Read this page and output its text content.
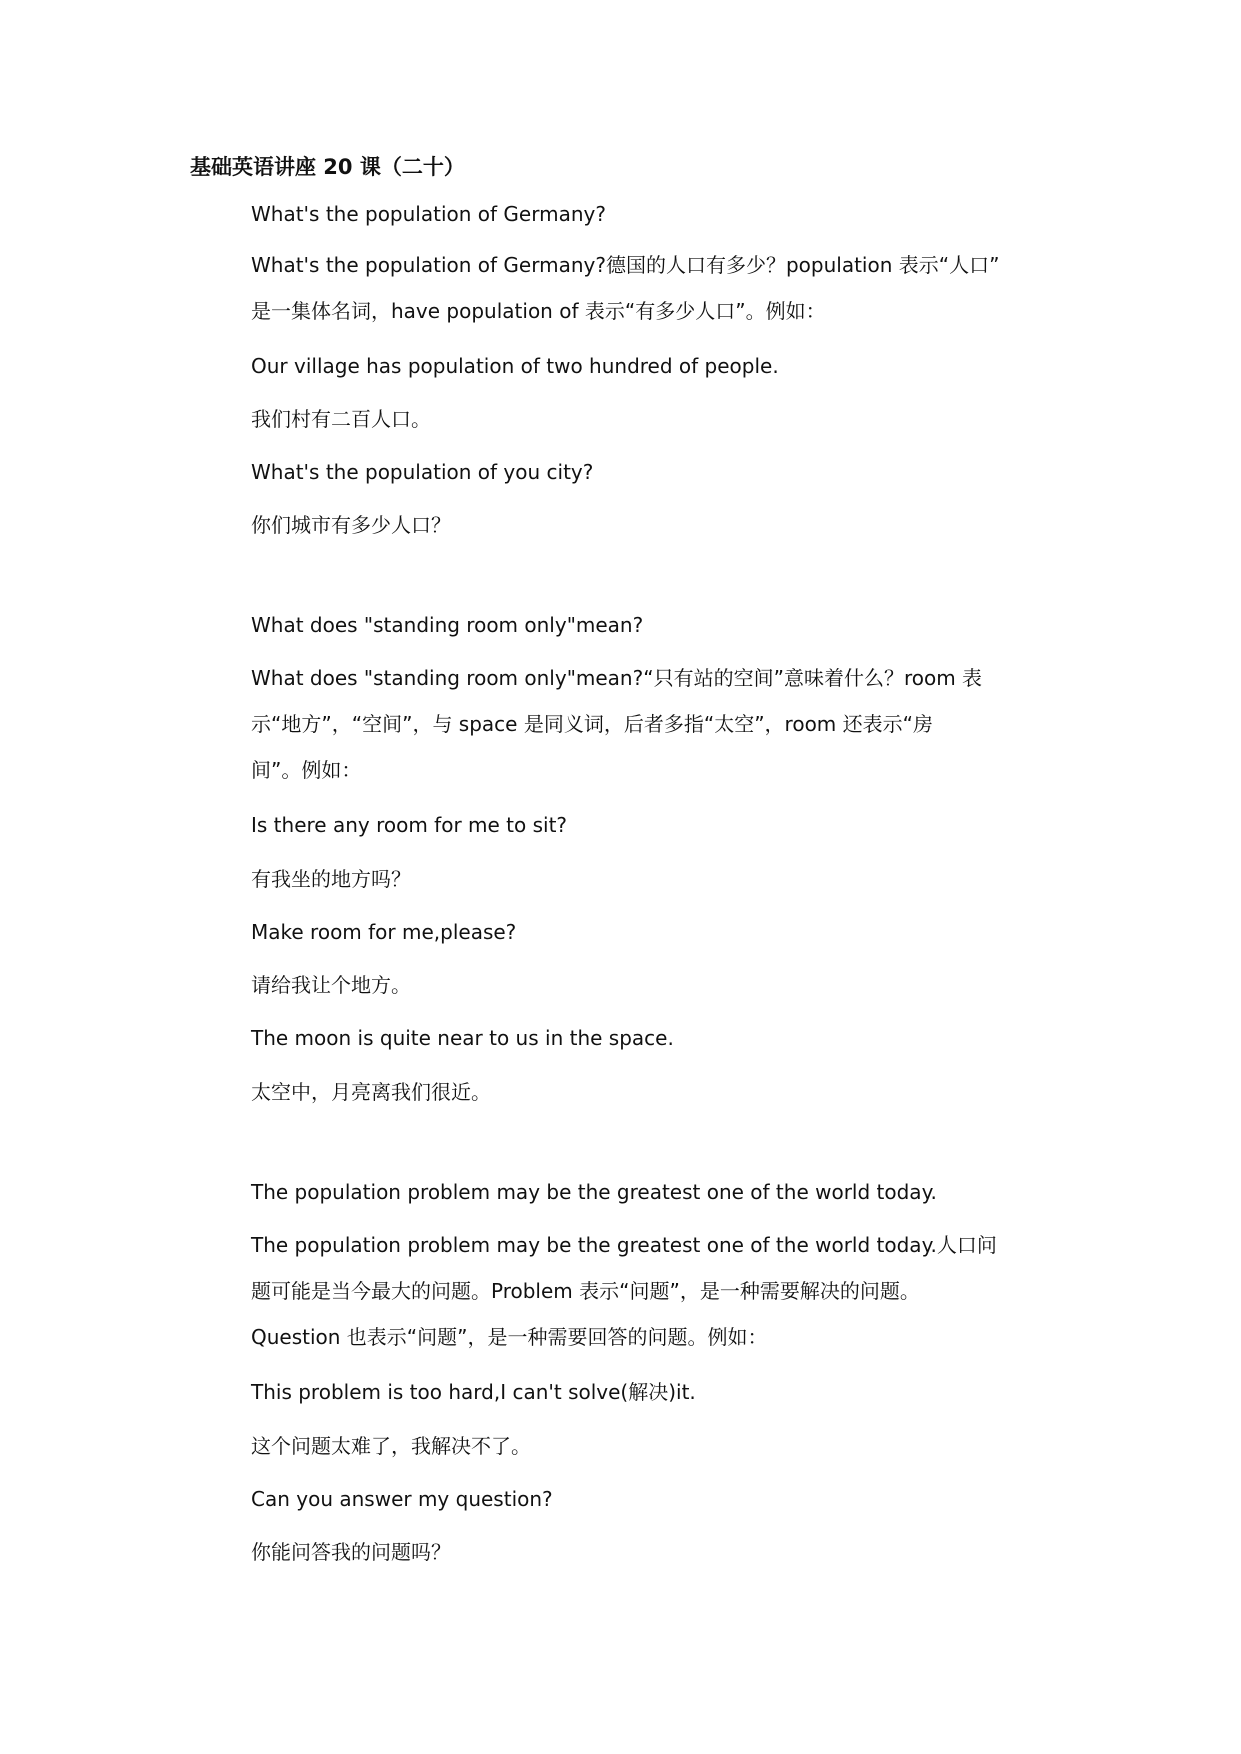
基础英语讲座 20 课（二十）
What's the population of Germany?
What's the population of Germany?德国的人口有多少？population 表示“人口”
是一集体名词，have population of 表示“有多少人口”。例如：
Our village has population of two hundred of people.
我们村有二百人口。
What's the population of you city?
你们城市有多少人口？
What does "standing room only"mean?
What does "standing room only"mean?“只有站的空间”意味着什么？room 表
示“地方”，“空间”，与 space 是同义词，后者多指“太空”，room 还表示“房
间”。例如：
Is there any room for me to sit?
有我坐的地方吗？
Make room for me,please?
请给我让个地方。
The moon is quite near to us in the space.
太空中，月亮离我们很近。
The population problem may be the greatest one of the world today.
The population problem may be the greatest one of the world today.人口问
题可能是当今最大的问题。Problem 表示“问题”，是一种需要解决的问题。
Question 也表示“问题”，是一种需要回答的问题。例如：
This problem is too hard,I can't solve(解决)it.
这个问题太难了，我解决不了。
Can you answer my question?
你能问答我的问题吗？
